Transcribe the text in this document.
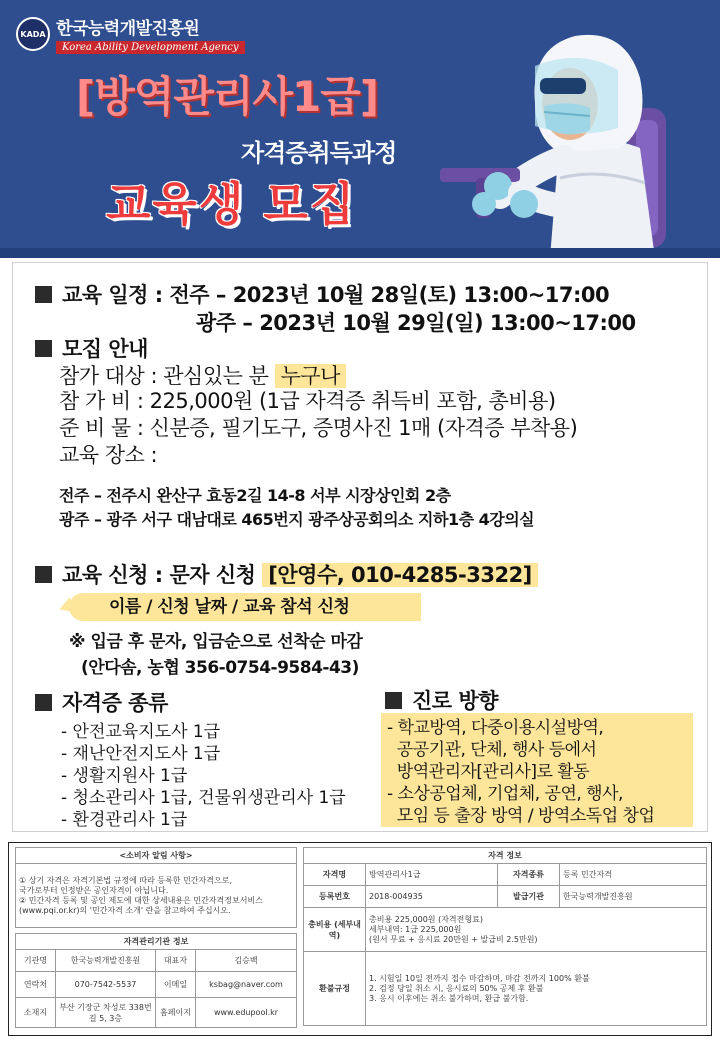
KADA 한국능력개발진흥원
Korea Ability Development Agency
[방역관리사1급]
자격증취득과정
교육생 모집
교육 일정 : 전주 – 2023년 10월 28일(토) 13:00~17:00
광주 – 2023년 10월 29일(일) 13:00~17:00
모집 안내
참가 대상 : 관심있는 분 누구나
참 가 비 : 225,000원 (1급 자격증 취득비 포함, 총비용)
준 비 물 : 신분증, 필기도구, 증명사진 1매 (자격증 부착용)
교육 장소 :
전주 – 전주시 완산구 효동2길 14-8 서부 시장상인회 2층
광주 – 광주 서구 대남대로 465번지 광주상공회의소 지하1층 4강의실
교육 신청 : 문자 신청 [안영수, 010-4285-3322]
이름 / 신청 날짜 / 교육 참석 신청
※ 입금 후 문자, 입금순으로 선착순 마감
(안다솜, 농협 356-0754-9584-43)
자격증 종류
- 안전교육지도사 1급
- 재난안전지도사 1급
- 생활지원사 1급
- 청소관리사 1급, 건물위생관리사 1급
- 환경관리사 1급
진로 방향
- 학교방역, 다중이용시설방역,
공공기관, 단체, 행사 등에서
방역관리자[관리사]로 활동
- 소상공업체, 기업체, 공연, 행사,
모임 등 출장 방역 / 방역소독업 창업
<소비자 알림 사항>

① 상기 자격은 자격기본법 규정에 따라 등록한 민간자격으로,
국가로부터 인정받은 공인자격이 아닙니다.
② 민간자격 등록 및 공인 제도에 대한 상세내용은 민간자격정보서비스
(www.pqi.or.kr)의 '민간자격 소개' 란을 참고하여 주십시오.
자격관리기관 정보			
기관명	한국능력개발진흥원	대표자	김승백
연락처	070-7542-5537	이메일	ksbag@naver.com
소재지	부산 기장군 차성로 338번길 5, 3층	홈페이지	www.edupool.kr
자격 정보			
자격명	방역관리사1급	자격종류	등록 민간자격
등록번호	2018-004935	발급기관	한국능력개발진흥원
총비용 (세부내역)	총비용 225,000원 (자격전형료)
세부내역: 1급 225,000원
(원서 무료 + 응시료 20만원 + 발급비 2.5만원)		

환불규정	1. 시험일 10일 전까지 접수 마감하며, 마감 전까지 100% 환불
2. 검정 당일 취소 시, 응시료의 50% 공제 후 환불
3. 응시 이후에는 취소 불가하며, 환급 불가함.		
